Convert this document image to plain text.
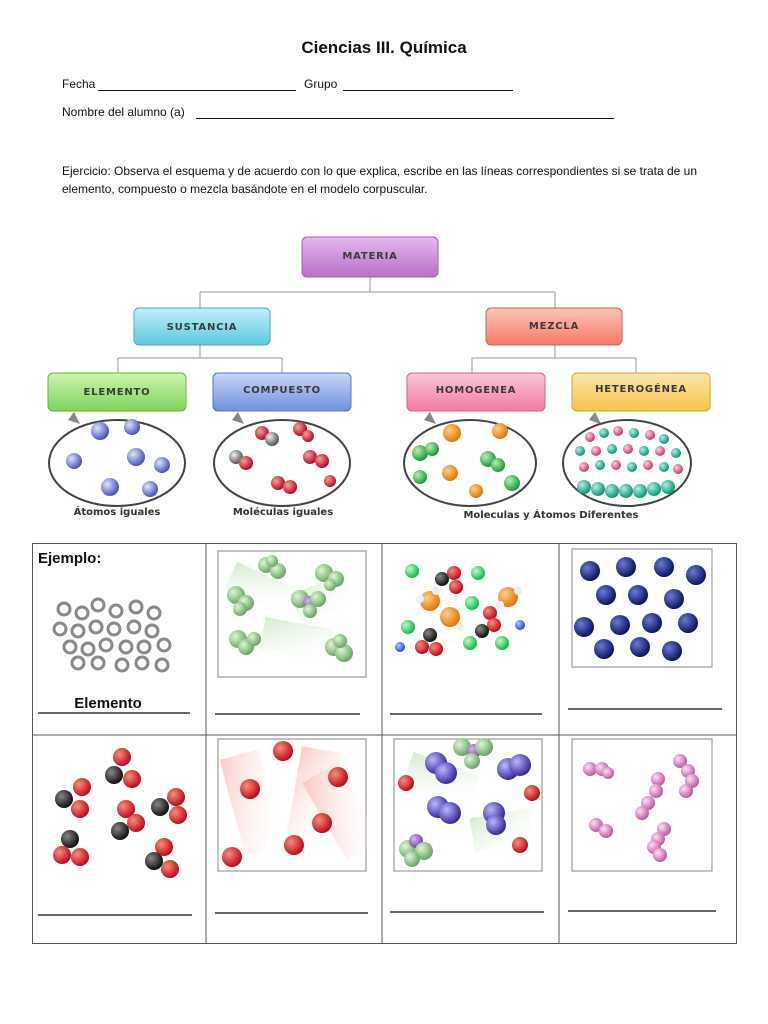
Ciencias III. Química
Fecha	Grupo
Nombre del alumno (a)
Ejercicio: Observa el esquema y de acuerdo con lo que explica, escribe en las líneas correspondientes si se trata de un elemento, compuesto o mezcla basándote en el modelo corpuscular.
MATERIA
SUSTANCIA	MEZCLA
ELEMENTO	COMPUESTO	HOMOGENEA	HETEROGÉNEA
Átomos iguales	Moléculas iguales	Moleculas y Átomos Diferentes
Ejemplo:
Elemento
